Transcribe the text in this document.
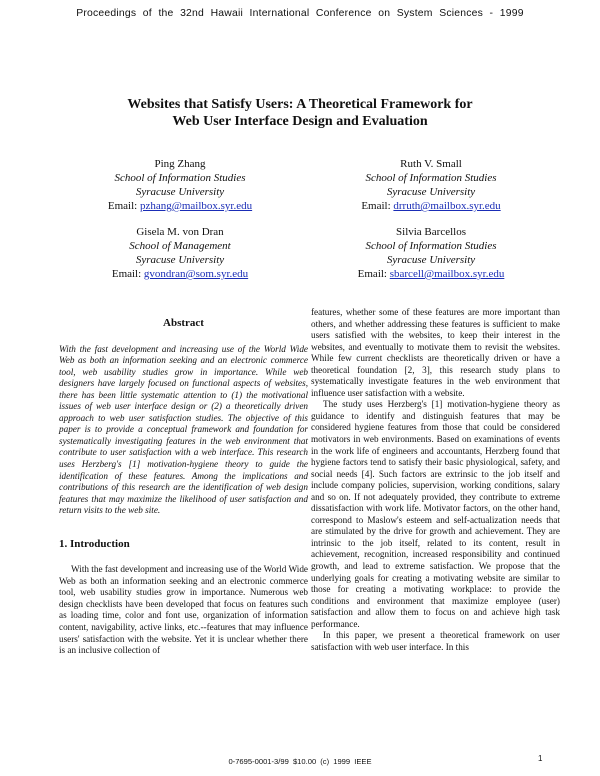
Proceedings of the 32nd Hawaii International Conference on System Sciences - 1999
Websites that Satisfy Users: A Theoretical Framework for
Web User Interface Design and Evaluation
Ping Zhang
School of Information Studies
Syracuse University
Email: pzhang@mailbox.syr.edu
Ruth V. Small
School of Information Studies
Syracuse University
Email: drruth@mailbox.syr.edu
Gisela M. von Dran
School of Management
Syracuse University
Email: gvondran@som.syr.edu
Silvia Barcellos
School of Information Studies
Syracuse University
Email: sbarcell@mailbox.syr.edu
Abstract

With the fast development and increasing use of the World Wide Web as both an information seeking and an electronic commerce tool, web usability studies grow in importance. While web designers have largely focused on functional aspects of websites, there has been little systematic attention to (1) the motivational issues of web user interface design or (2) a theoretically driven approach to web user satisfaction studies. The objective of this paper is to provide a conceptual framework and foundation for systematically investigating features in the web environment that contribute to user satisfaction with a web interface. This research uses Herzberg's [1] motivation-hygiene theory to guide the identification of these features. Among the implications and contributions of this research are the identification of web design features that may maximize the likelihood of user satisfaction and return visits to the web site.

1. Introduction

With the fast development and increasing use of the World Wide Web as both an information seeking and an electronic commerce tool, web usability studies grow in importance. Numerous web design checklists have been developed that focus on features such as loading time, color and font use, organization of information content, navigability, active links, etc.--features that may influence users' satisfaction with the website. Yet it is unclear whether there is an inclusive collection of

features, whether some of these features are more important than others, and whether addressing these features is sufficient to make users satisfied with the websites, to keep their interest in the websites, and eventually to motivate them to revisit the websites. While few current checklists are theoretically driven or have a theoretical foundation [2, 3], this research study plans to systematically investigate features in the web environment that influence user satisfaction with a website.

The study uses Herzberg's [1] motivation-hygiene theory as guidance to identify and distinguish features that may be considered hygiene features from those that could be considered motivators in web environments. Based on examinations of events in the work life of engineers and accountants, Herzberg found that hygiene factors tend to satisfy their basic physiological, safety, and social needs [4]. Such factors are extrinsic to the job itself and include company policies, supervision, working conditions, salary and so on. If not adequately provided, they contribute to extreme dissatisfaction with work life. Motivator factors, on the other hand, correspond to Maslow's esteem and self-actualization needs that are stimulated by the drive for growth and achievement. They are intrinsic to the job itself, related to its content, result in achievement, recognition, increased responsibility and continued growth, and lead to extreme satisfaction. We propose that the underlying goals for creating a motivating website are similar to those for creating a motivating workplace: to provide the conditions and environment that maximize employee (user) satisfaction and allow them to focus on and achieve high task performance.

In this paper, we present a theoretical framework on user satisfaction with web user interface. In this

0-7695-0001-3/99 $10.00 (c) 1999 IEEE	1
